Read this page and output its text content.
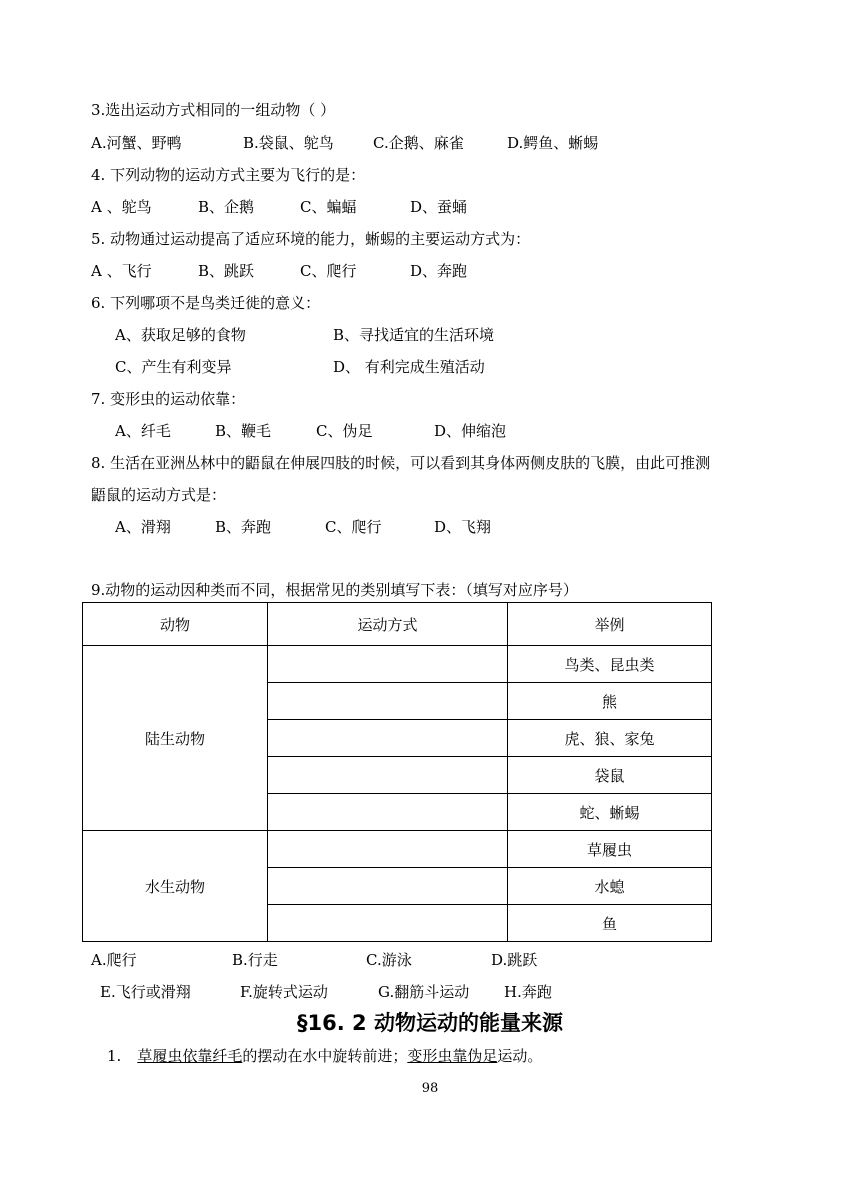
3.选出运动方式相同的一组动物（ ）
A.河蟹、野鸭	B.袋鼠、鸵鸟	C.企鹅、麻雀	D.鳄鱼、蜥蜴
4. 下列动物的运动方式主要为飞行的是：
A 、鸵鸟	B、企鹅	C、蝙蝠	D、蚕蛹
5. 动物通过运动提高了适应环境的能力，蜥蜴的主要运动方式为：
A 、飞行	B、跳跃	C、爬行	D、奔跑
6. 下列哪项不是鸟类迁徙的意义：
A、获取足够的食物	B、寻找适宜的生活环境
C、产生有利变异	D、 有利完成生殖活动
7. 变形虫的运动依靠：
A、纤毛	B、鞭毛	C、伪足	D、伸缩泡
8. 生活在亚洲丛林中的鼯鼠在伸展四肢的时候，可以看到其身体两侧皮肤的飞膜，由此可推测
鼯鼠的运动方式是：
A、滑翔	B、奔跑	C、爬行	D、飞翔
9.动物的运动因种类而不同，根据常见的类别填写下表：（填写对应序号）
动物	运动方式	举例
陆生动物		鸟类、昆虫类
		熊
		虎、狼、家兔
		袋鼠
		蛇、蜥蜴
水生动物		草履虫
		水螅
		鱼
A.爬行	B.行走	C.游泳	D.跳跃
E.飞行或滑翔	F.旋转式运动	G.翻筋斗运动 H.奔跑
§16. 2 动物运动的能量来源
1. 草履虫依靠纤毛的摆动在水中旋转前进；变形虫靠伪足运动。
98
